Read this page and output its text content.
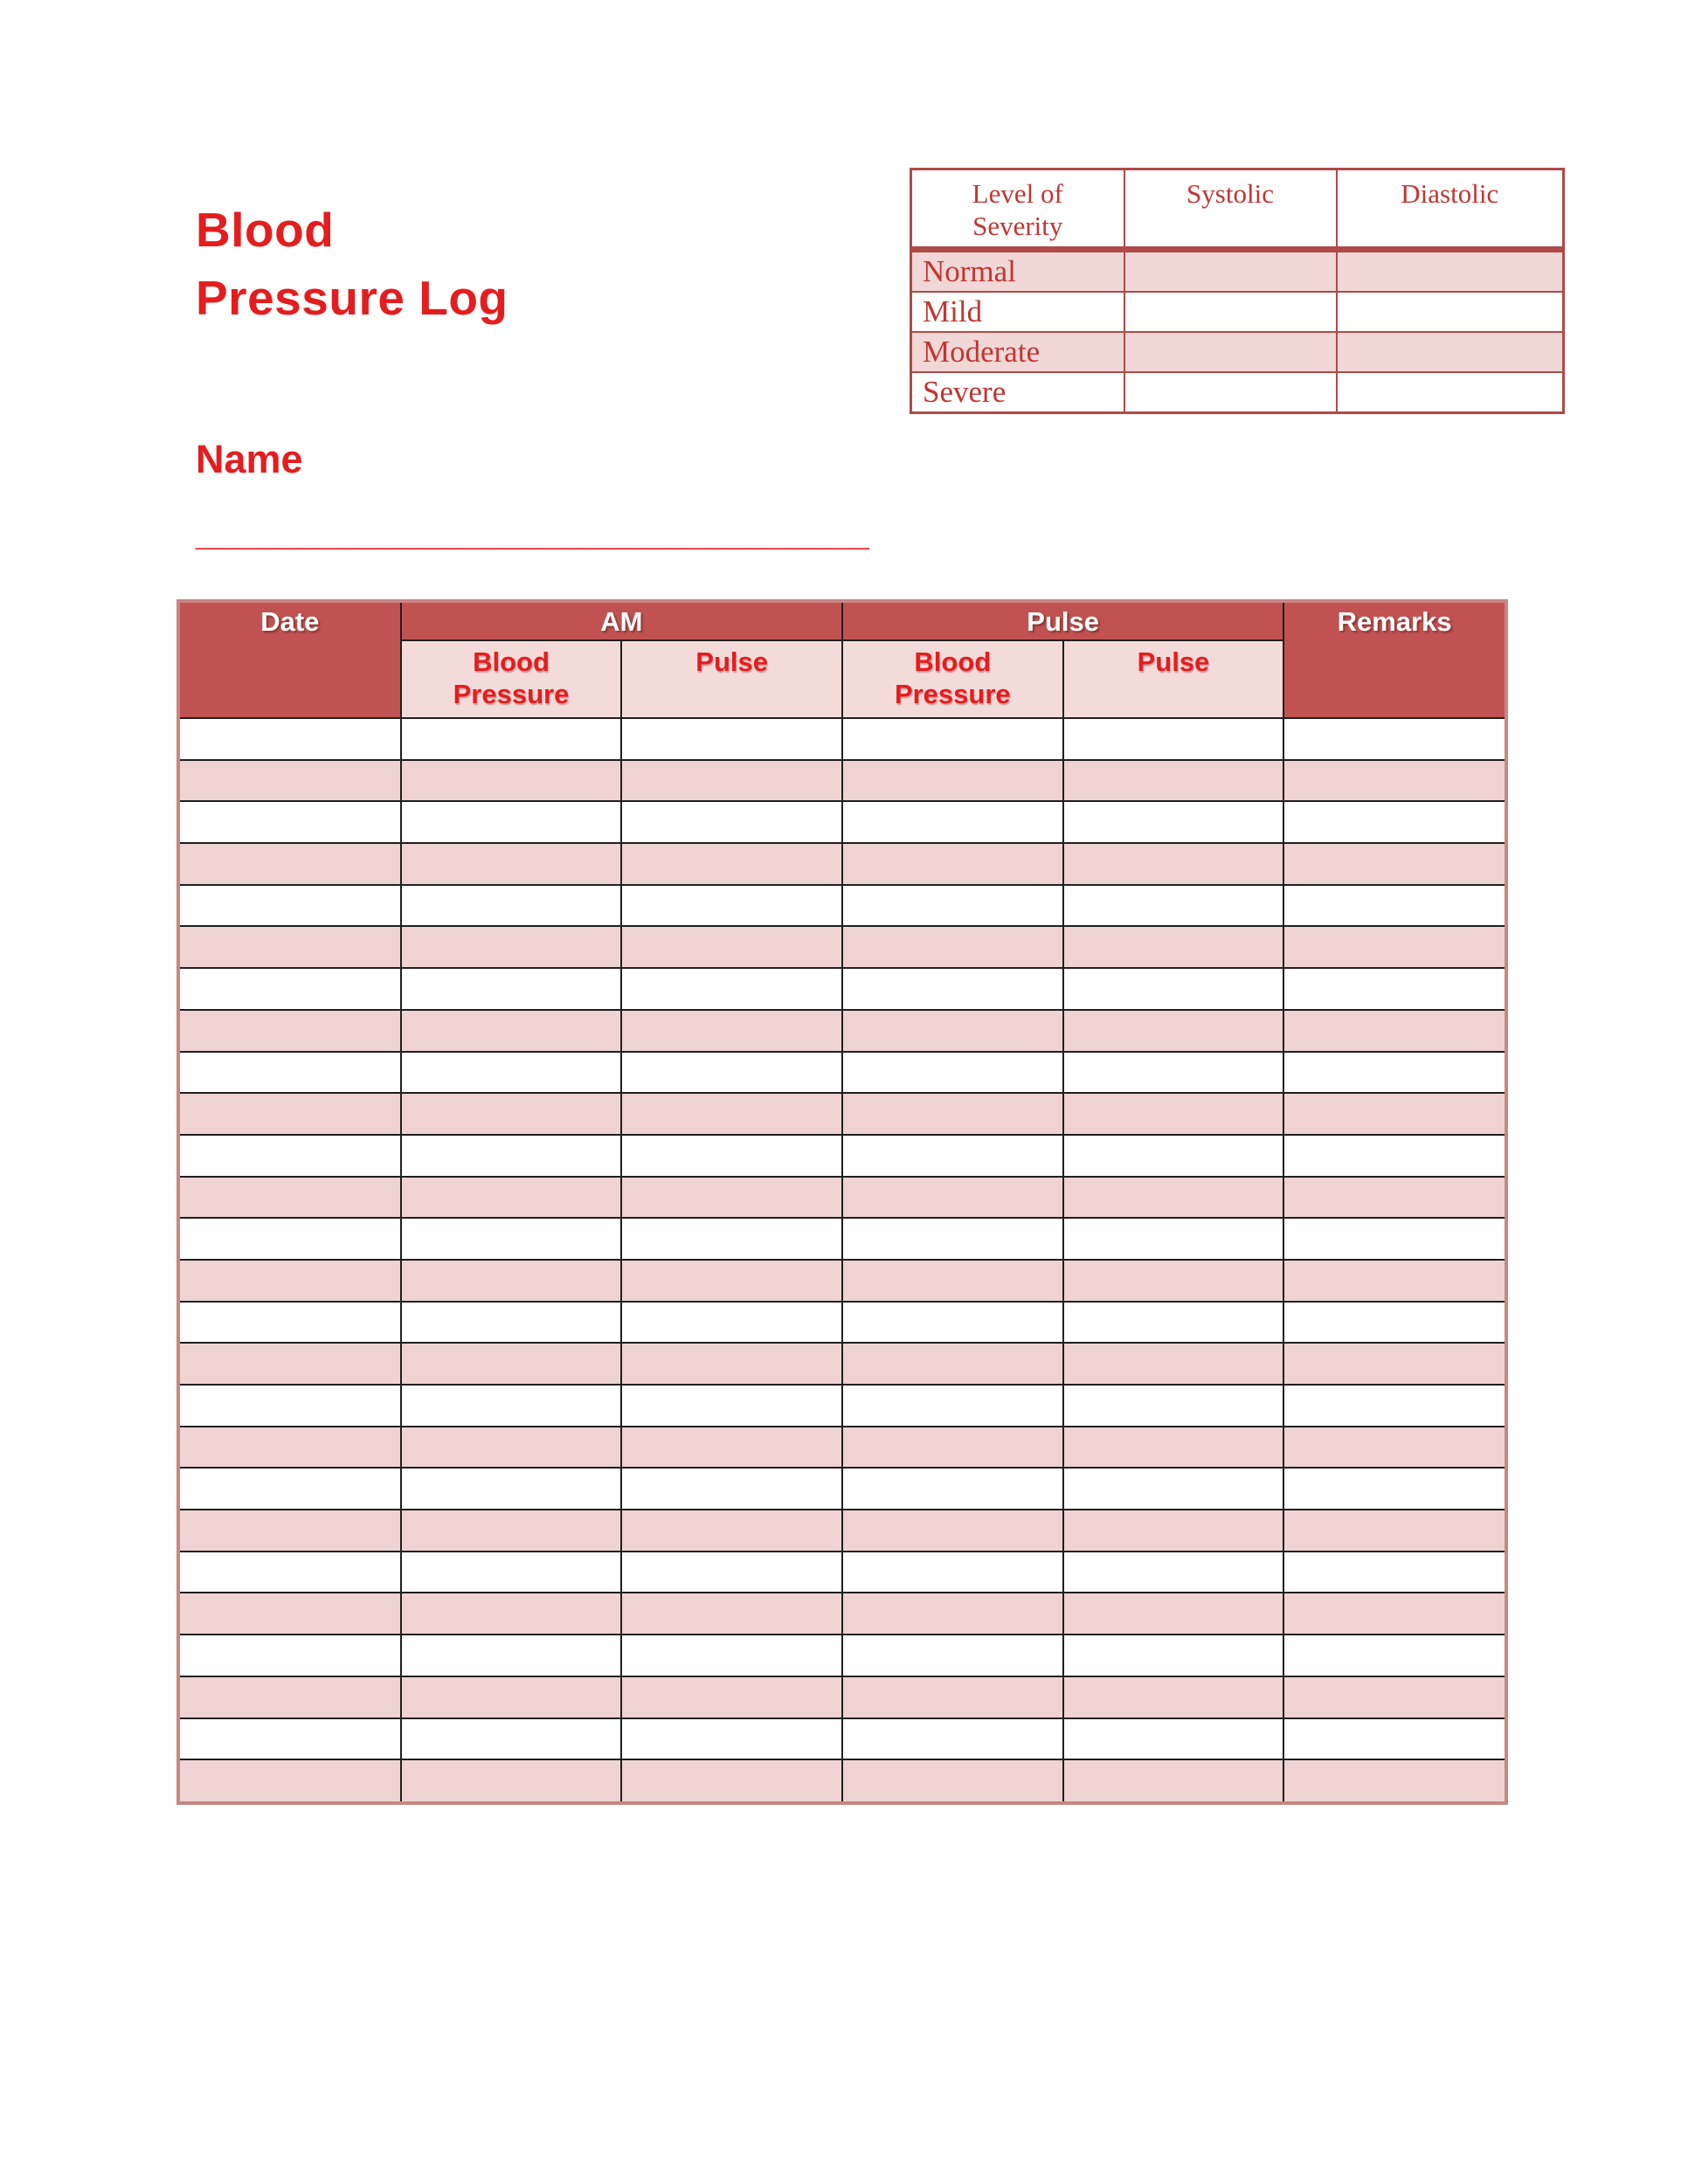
Blood
Pressure Log
Level of Severity	Systolic	Diastolic
Normal		
Mild		
Moderate		
Severe		
Name
_________________________________
Date	AM		Pulse		Remarks
	Blood Pressure	Pulse	Blood Pressure	Pulse	
